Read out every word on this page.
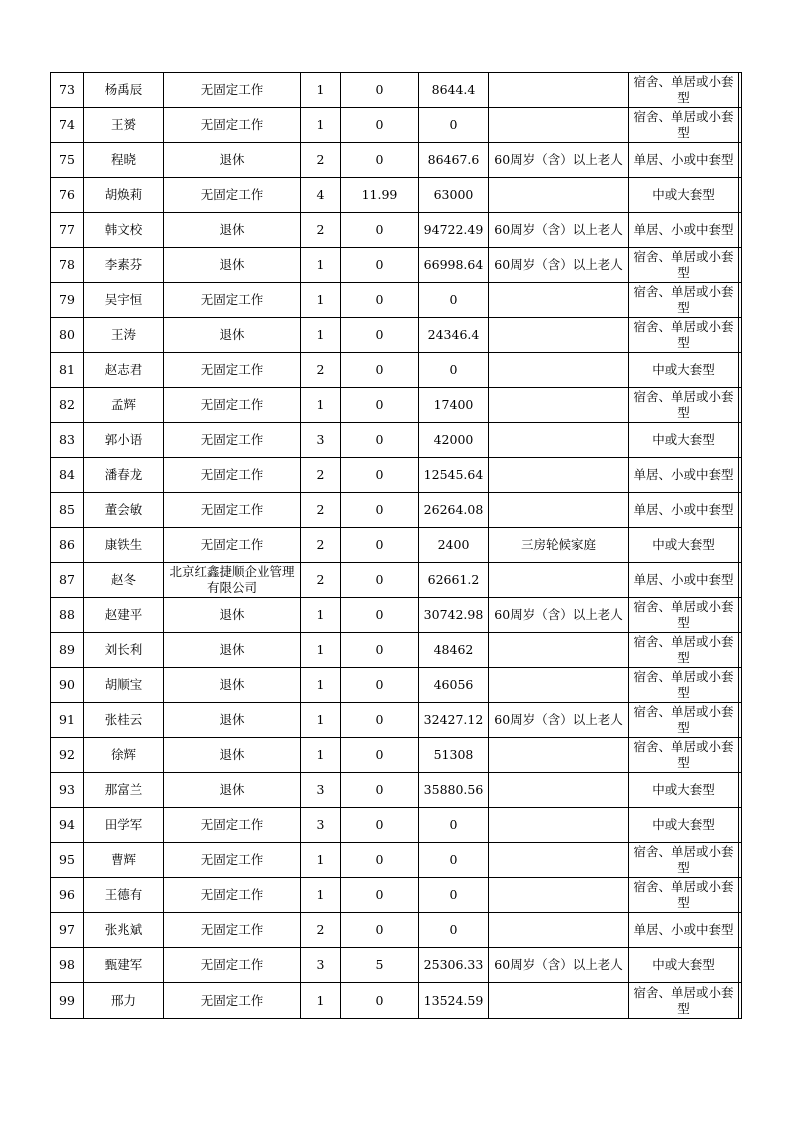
73	杨禹辰	无固定工作	1	0	8644.4		宿舍、单居或小套型	
74	王赟	无固定工作	1	0	0		宿舍、单居或小套型	
75	程晓	退休	2	0	86467.6	60周岁（含）以上老人	单居、小或中套型	
76	胡焕莉	无固定工作	4	11.99	63000		中或大套型	
77	韩文校	退休	2	0	94722.49	60周岁（含）以上老人	单居、小或中套型	
78	李素芬	退休	1	0	66998.64	60周岁（含）以上老人	宿舍、单居或小套型	
79	吴宇恒	无固定工作	1	0	0		宿舍、单居或小套型	
80	王涛	退休	1	0	24346.4		宿舍、单居或小套型	
81	赵志君	无固定工作	2	0	0		中或大套型	
82	孟辉	无固定工作	1	0	17400		宿舍、单居或小套型	
83	郭小语	无固定工作	3	0	42000		中或大套型	
84	潘春龙	无固定工作	2	0	12545.64		单居、小或中套型	
85	董会敏	无固定工作	2	0	26264.08		单居、小或中套型	
86	康铁生	无固定工作	2	0	2400	三房轮候家庭	中或大套型	
87	赵冬	北京红鑫捷顺企业管理有限公司	2	0	62661.2		单居、小或中套型	
88	赵建平	退休	1	0	30742.98	60周岁（含）以上老人	宿舍、单居或小套型	
89	刘长利	退休	1	0	48462		宿舍、单居或小套型	
90	胡顺宝	退休	1	0	46056		宿舍、单居或小套型	
91	张桂云	退休	1	0	32427.12	60周岁（含）以上老人	宿舍、单居或小套型	
92	徐辉	退休	1	0	51308		宿舍、单居或小套型	
93	那富兰	退休	3	0	35880.56		中或大套型	
94	田学军	无固定工作	3	0	0		中或大套型	
95	曹辉	无固定工作	1	0	0		宿舍、单居或小套型	
96	王德有	无固定工作	1	0	0		宿舍、单居或小套型	
97	张兆斌	无固定工作	2	0	0		单居、小或中套型	
98	甄建军	无固定工作	3	5	25306.33	60周岁（含）以上老人	中或大套型	
99	邢力	无固定工作	1	0	13524.59		宿舍、单居或小套型	
